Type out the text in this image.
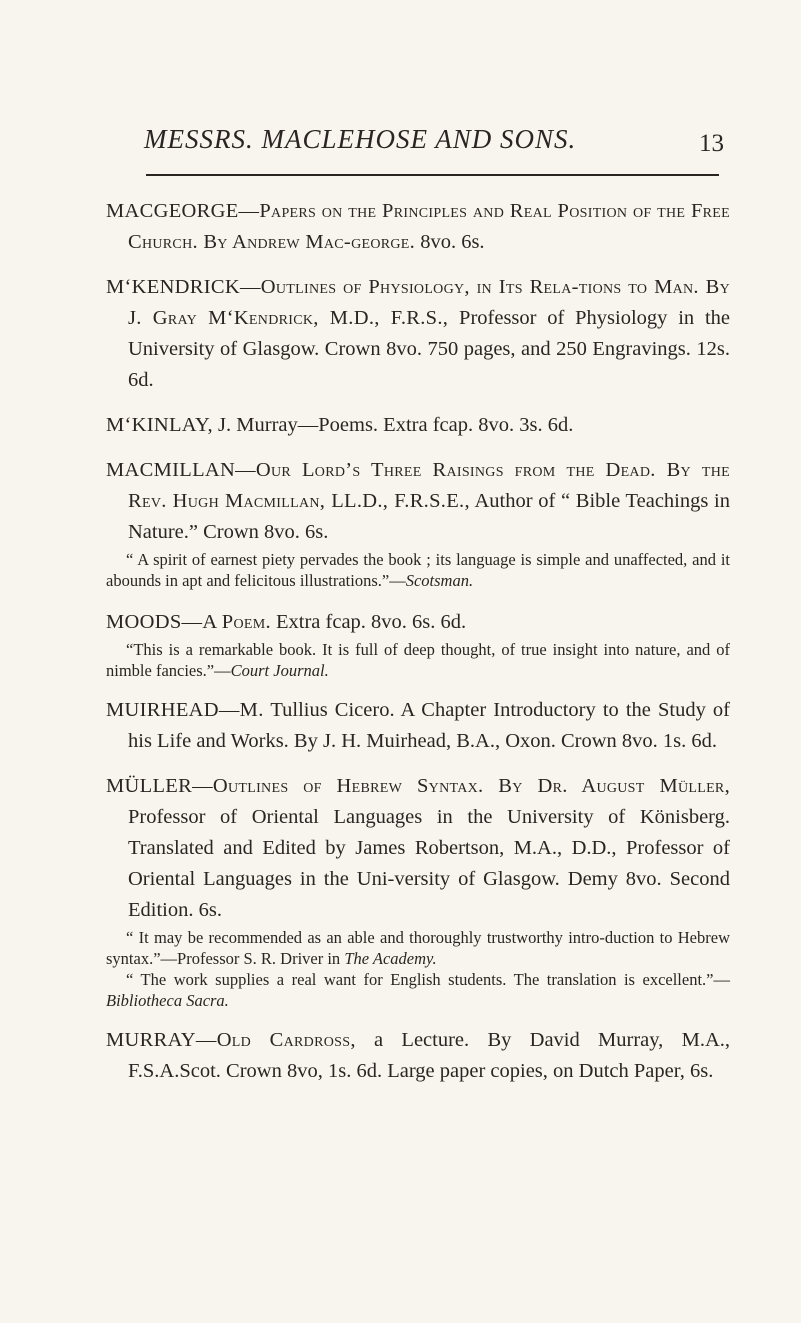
MESSRS. MACLEHOSE AND SONS.	13
MACGEORGE—Papers on the Principles and Real Position of the Free Church. By Andrew Mac-george. 8vo. 6s.
M‘KENDRICK—Outlines of Physiology, in Its Rela-tions to Man. By J. Gray M‘Kendrick, M.D., F.R.S., Professor of Physiology in the University of Glasgow. Crown 8vo. 750 pages, and 250 Engravings. 12s. 6d.
M‘KINLAY, J. Murray—Poems. Extra fcap. 8vo. 3s. 6d.
MACMILLAN—Our Lord’s Three Raisings from the Dead. By the Rev. Hugh Macmillan, LL.D., F.R.S.E., Author of “ Bible Teachings in Nature.” Crown 8vo. 6s.
“ A spirit of earnest piety pervades the book ; its language is simple and unaffected, and it abounds in apt and felicitous illustrations.”—Scotsman.
MOODS—A Poem. Extra fcap. 8vo. 6s. 6d.
“This is a remarkable book. It is full of deep thought, of true insight into nature, and of nimble fancies.”—Court Journal.
MUIRHEAD—M. Tullius Cicero. A Chapter Introductory to the Study of his Life and Works. By J. H. Muirhead, B.A., Oxon. Crown 8vo. 1s. 6d.
MÜLLER—Outlines of Hebrew Syntax. By Dr. August Müller, Professor of Oriental Languages in the University of Könisberg. Translated and Edited by James Robertson, M.A., D.D., Professor of Oriental Languages in the Uni-versity of Glasgow. Demy 8vo. Second Edition. 6s.
“ It may be recommended as an able and thoroughly trustworthy intro-duction to Hebrew syntax.”—Professor S. R. Driver in The Academy.
“ The work supplies a real want for English students. The translation is excellent.”—Bibliotheca Sacra.
MURRAY—Old Cardross, a Lecture. By David Murray, M.A., F.S.A.Scot. Crown 8vo, 1s. 6d. Large paper copies, on Dutch Paper, 6s.
